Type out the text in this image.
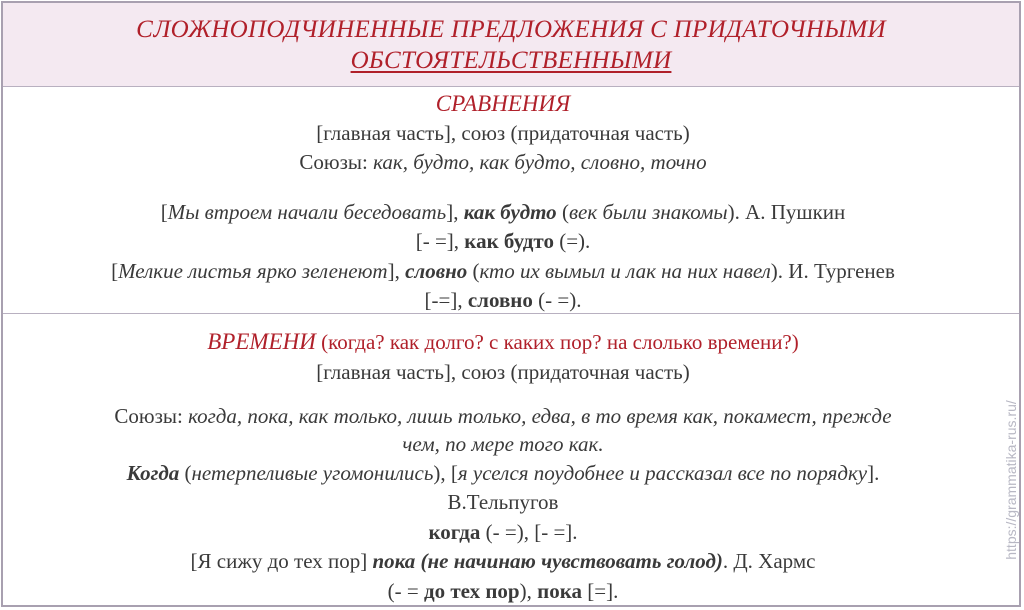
СЛОЖНОПОДЧИНЕННЫЕ ПРЕДЛОЖЕНИЯ С ПРИДАТОЧНЫМИ
ОБСТОЯТЕЛЬСТВЕННЫМИ
СРАВНЕНИЯ
[главная часть], союз (придаточная часть)
Союзы: как, будто, как будто, словно, точно
[Мы втроем начали беседовать], как будто (век были знакомы). А. Пушкин
[- =], как будто (=).
[Мелкие листья ярко зеленеют], словно (кто их вымыл и лак на них навел). И. Тургенев
[-=], словно (- =).
ВРЕМЕНИ (когда? как долго? с каких пор? на слолько времени?)
[главная часть], союз (придаточная часть)
Союзы: когда, пока, как только, лишь только, едва, в то время как, покамест, прежде
чем, по мере того как.
Когда (нетерпеливые угомонились), [я уселся поудобнее и рассказал все по порядку].
В.Тельпугов
когда (- =), [- =].
[Я сижу до тех пор] пока (не начинаю чувствовать голод). Д. Хармс
(- = до тех пор), пока [=].
https://grammatika-rus.ru/
